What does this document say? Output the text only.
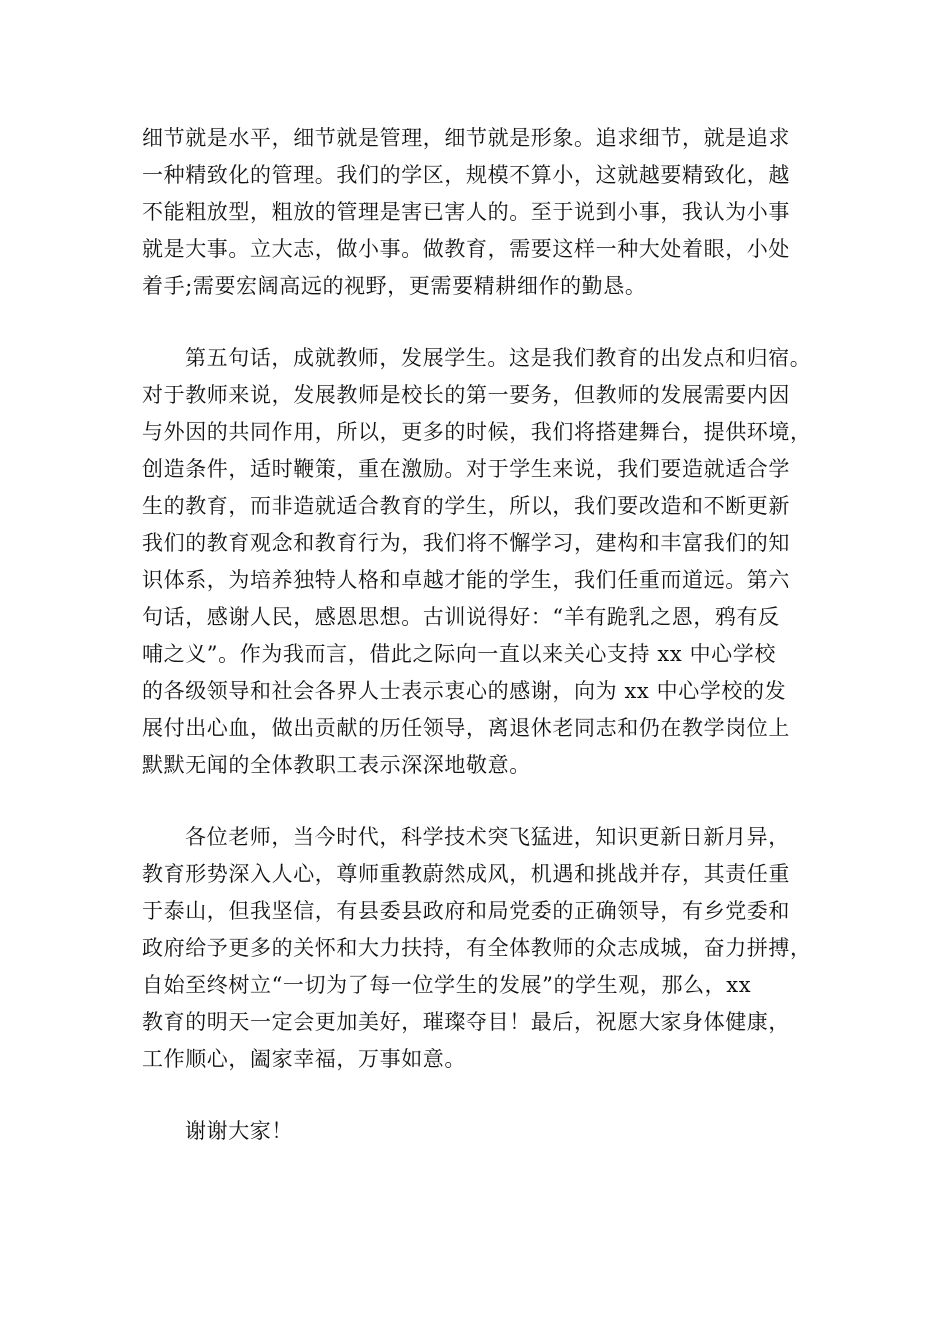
细节就是水平，细节就是管理，细节就是形象。追求细节，就是追求
一种精致化的管理。我们的学区，规模不算小，这就越要精致化，越
不能粗放型，粗放的管理是害已害人的。至于说到小事，我认为小事
就是大事。立大志，做小事。做教育，需要这样一种大处着眼，小处
着手;需要宏阔高远的视野，更需要精耕细作的勤恳。
第五句话，成就教师，发展学生。这是我们教育的出发点和归宿。
对于教师来说，发展教师是校长的第一要务，但教师的发展需要内因
与外因的共同作用，所以，更多的时候，我们将搭建舞台，提供环境，
创造条件，适时鞭策，重在激励。对于学生来说，我们要造就适合学
生的教育，而非造就适合教育的学生，所以，我们要改造和不断更新
我们的教育观念和教育行为，我们将不懈学习，建构和丰富我们的知
识体系，为培养独特人格和卓越才能的学生，我们任重而道远。第六
句话，感谢人民，感恩思想。古训说得好：“羊有跪乳之恩，鸦有反
哺之义”。作为我而言，借此之际向一直以来关心支持 xx 中心学校
的各级领导和社会各界人士表示衷心的感谢，向为 xx 中心学校的发
展付出心血，做出贡献的历任领导，离退休老同志和仍在教学岗位上
默默无闻的全体教职工表示深深地敬意。
各位老师，当今时代，科学技术突飞猛进，知识更新日新月异，
教育形势深入人心，尊师重教蔚然成风，机遇和挑战并存，其责任重
于泰山，但我坚信，有县委县政府和局党委的正确领导，有乡党委和
政府给予更多的关怀和大力扶持，有全体教师的众志成城，奋力拼搏，
自始至终树立“一切为了每一位学生的发展”的学生观，那么，xx
教育的明天一定会更加美好，璀璨夺目！最后，祝愿大家身体健康，
工作顺心，阖家幸福，万事如意。
谢谢大家！
